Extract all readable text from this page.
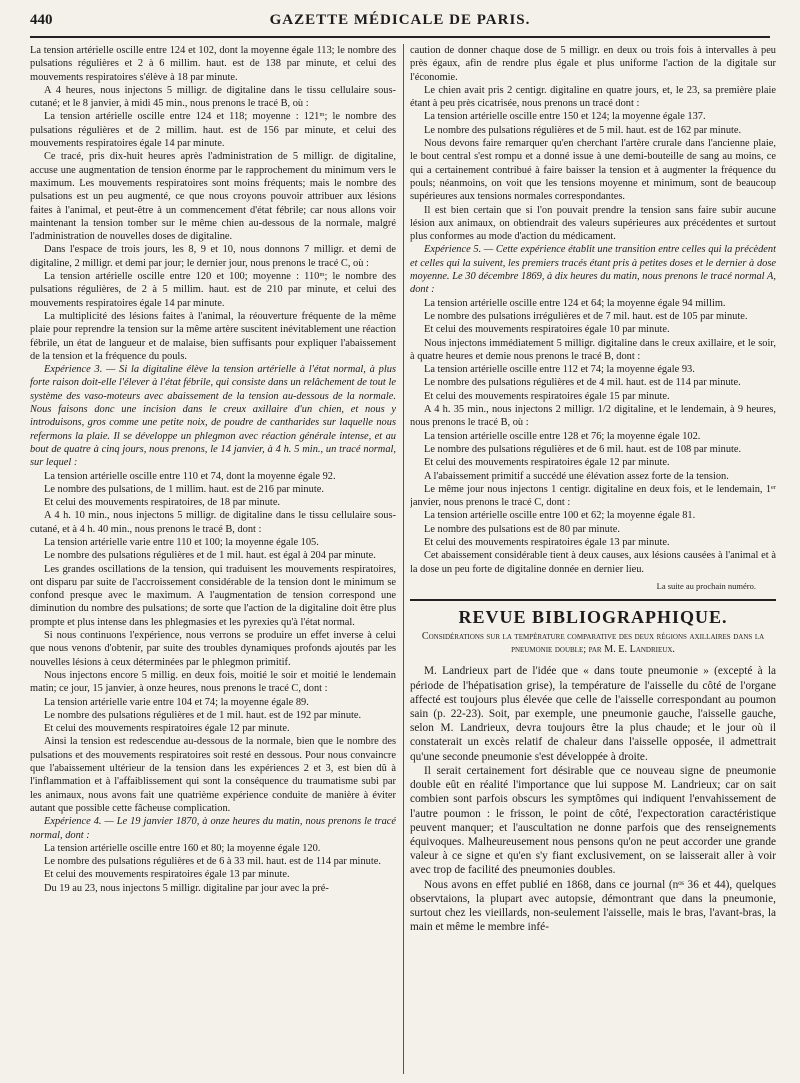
440	GAZETTE MÉDICALE DE PARIS.

La tension artérielle oscille entre 124 et 102, dont la moyenne égale 113; le nombre des pulsations régulières et 2 à 6 millim. haut. est de 138 par minute, et celui des mouvements respiratoires s'élève à 18 par minute.

A 4 heures, nous injectons 5 milligr. de digitaline dans le tissu cellulaire sous-cutané; et le 8 janvier, à midi 45 min., nous prenons le tracé B, où :

La tension artérielle oscille entre 124 et 118; moyenne : 121ᵐ; le nombre des pulsations régulières et de 2 millim. haut. est de 156 par minute, et celui des mouvements respiratoires égale 14 par minute.

Ce tracé, pris dix-huit heures après l'administration de 5 milligr. de digitaline, accuse une augmentation de tension énorme par le rapprochement du minimum vers le maximum. Les mouvements respiratoires sont moins fréquents; mais le nombre des pulsations est un peu augmenté, ce que nous croyons pouvoir attribuer aux lésions faites à l'animal, et peut-être à un commencement d'état fébrile; car nous allons voir maintenant la tension tomber sur le même chien au-dessous de la normale, malgré l'administration de nouvelles doses de digitaline.

Dans l'espace de trois jours, les 8, 9 et 10, nous donnons 7 milligr. et demi de digitaline, 2 milligr. et demi par jour; le dernier jour, nous prenons le tracé C, où :

La tension artérielle oscille entre 120 et 100; moyenne : 110ᵐ; le nombre des pulsations régulières, de 2 à 5 millim. haut. est de 210 par minute, et celui des mouvements respiratoires égale 14 par minute.

La multiplicité des lésions faites à l'animal, la réouverture fréquente de la même plaie pour reprendre la tension sur la même artère suscitent inévitablement une réaction fébrile, un état de langueur et de malaise, bien suffisants pour expliquer l'abaissement de la tension et la fréquence du pouls.

Expérience 3. — Si la digitaline élève la tension artérielle à l'état normal, à plus forte raison doit-elle l'élever à l'état fébrile, qui consiste dans un relâchement de tout le système des vaso-moteurs avec abaissement de la tension au-dessous de la normale. Nous faisons donc une incision dans le creux axillaire d'un chien, et nous y introduisons, gros comme une petite noix, de poudre de cantharides sur laquelle nous refermons la plaie. Il se développe un phlegmon avec réaction générale intense, et au bout de quatre à cinq jours, nous prenons, le 14 janvier, à 4 h. 5 min., un tracé normal, sur lequel :

La tension artérielle oscille entre 110 et 74, dont la moyenne égale 92.

Le nombre des pulsations, de 1 millim. haut. est de 216 par minute.

Et celui des mouvements respiratoires, de 18 par minute.

A 4 h. 10 min., nous injectons 5 milligr. de digitaline dans le tissu cellulaire sous-cutané, et à 4 h. 40 min., nous prenons le tracé B, dont :

La tension artérielle varie entre 110 et 100; la moyenne égale 105.

Le nombre des pulsations régulières et de 1 mil. haut. est égal à 204 par minute.

Les grandes oscillations de la tension, qui traduisent les mouvements respiratoires, ont disparu par suite de l'accroissement considérable de la tension dont le minimum se confond presque avec le maximum. A l'augmentation de tension correspond une diminution du nombre des pulsations; de sorte que l'action de la digitaline doit être plus prompte et plus intense dans les phlegmasies et les pyrexies qu'à l'état normal.

Si nous continuons l'expérience, nous verrons se produire un effet inverse à celui que nous venons d'obtenir, par suite des troubles dynamiques profonds ajoutés par les nouvelles lésions à ceux déterminées par le phlegmon primitif.

Nous injectons encore 5 millig. en deux fois, moitié le soir et moitié le lendemain matin; ce jour, 15 janvier, à onze heures, nous prenons le tracé C, dont :

La tension artérielle varie entre 104 et 74; la moyenne égale 89.

Le nombre des pulsations régulières et de 1 mil. haut. est de 192 par minute.

Et celui des mouvements respiratoires égale 12 par minute.

Ainsi la tension est redescendue au-dessous de la normale, bien que le nombre des pulsations et des mouvements respiratoires soit resté en dessous. Pour nous convaincre que l'abaissement ultérieur de la tension dans les expériences 2 et 3, est bien dû à l'inflammation et à l'affaiblissement qui sont la conséquence du traumatisme subi par les animaux, nous avons fait une quatrième expérience conduite de manière à éviter autant que possible cette fâcheuse complication.

Expérience 4. — Le 19 janvier 1870, à onze heures du matin, nous prenons le tracé normal, dont :

La tension artérielle oscille entre 160 et 80; la moyenne égale 120.

Le nombre des pulsations régulières et de 6 à 33 mil. haut. est de 114 par minute.

Et celui des mouvements respiratoires égale 13 par minute.

Du 19 au 23, nous injectons 5 milligr. digitaline par jour avec la pré-

caution de donner chaque dose de 5 milligr. en deux ou trois fois à intervalles à peu près égaux, afin de rendre plus égale et plus uniforme l'action de la digitale sur l'économie.

Le chien avait pris 2 centigr. digitaline en quatre jours, et, le 23, sa première plaie étant à peu près cicatrisée, nous prenons un tracé dont :

La tension artérielle oscille entre 150 et 124; la moyenne égale 137.

Le nombre des pulsations régulières et de 5 mil. haut. est de 162 par minute.

Nous devons faire remarquer qu'en cherchant l'artère crurale dans l'ancienne plaie, le bout central s'est rompu et a donné issue à une demi-bouteille de sang au moins, ce qui a certainement contribué à faire baisser la tension et à augmenter la fréquence du pouls; néanmoins, on voit que les tensions moyenne et minimum, sont de beaucoup supérieures aux tensions normales correspondantes.

Il est bien certain que si l'on pouvait prendre la tension sans faire subir aucune lésion aux animaux, on obtiendrait des valeurs supérieures aux précédentes et surtout plus conformes au mode d'action du médicament.

Expérience 5. — Cette expérience établit une transition entre celles qui la précèdent et celles qui la suivent, les premiers tracés étant pris à petites doses et le dernier à dose moyenne. Le 30 décembre 1869, à dix heures du matin, nous prenons le tracé normal A, dont :

La tension artérielle oscille entre 124 et 64; la moyenne égale 94 millim.

Le nombre des pulsations irrégulières et de 7 mil. haut. est de 105 par minute.

Et celui des mouvements respiratoires égale 10 par minute.

Nous injectons immédiatement 5 milligr. digitaline dans le creux axillaire, et le soir, à quatre heures et demie nous prenons le tracé B, dont :

La tension artérielle oscille entre 112 et 74; la moyenne égale 93.

Le nombre des pulsations régulières et de 4 mil. haut. est de 114 par minute.

Et celui des mouvements respiratoires égale 15 par minute.

A 4 h. 35 min., nous injectons 2 milligr. 1/2 digitaline, et le lendemain, à 9 heures, nous prenons le tracé B, où :

La tension artérielle oscille entre 128 et 76; la moyenne égale 102.

Le nombre des pulsations régulières et de 6 mil. haut. est de 108 par minute.

Et celui des mouvements respiratoires égale 12 par minute.

A l'abaissement primitif a succédé une élévation assez forte de la tension.

Le même jour nous injectons 1 centigr. digitaline en deux fois, et le lendemain, 1ᵉʳ janvier, nous prenons le tracé C, dont :

La tension artérielle oscille entre 100 et 62; la moyenne égale 81.

Le nombre des pulsations est de 80 par minute.

Et celui des mouvements respiratoires égale 13 par minute.

Cet abaissement considérable tient à deux causes, aux lésions causées à l'animal et à la dose un peu forte de digitaline donnée en dernier lieu.

La suite au prochain numéro.
REVUE BIBLIOGRAPHIQUE.
Considérations sur la température comparative des deux régions axillaires dans la pneumonie double; par M. E. Landrieux.

M. Landrieux part de l'idée que « dans toute pneumonie » (excepté à la période de l'hépatisation grise), la température de l'aisselle du côté de l'organe affecté est toujours plus élevée que celle de l'aisselle correspondant au poumon sain (p. 22-23). Soit, par exemple, une pneumonie gauche, l'aisselle gauche, selon M. Landrieux, devra toujours être la plus chaude; et le jour où il constaterait un excès relatif de chaleur dans l'aisselle opposée, il admettrait qu'une seconde pneumonie s'est développée à droite.

Il serait certainement fort désirable que ce nouveau signe de pneumonie double eût en réalité l'importance que lui suppose M. Landrieux; car on sait combien sont parfois obscurs les symptômes qui indiquent l'envahissement de l'autre poumon : le frisson, le point de côté, l'expectoration caractéristique peuvent manquer; et l'auscultation ne donne parfois que des renseignements équivoques. Malheureusement nous pensons qu'on ne peut accorder une grande valeur à ce signe et qu'en s'y fiant exclusivement, on se laisserait aller à voir avec trop de facilité des pneumonies doubles.

Nous avons en effet publié en 1868, dans ce journal (nᵒˢ 36 et 44), quelques observtaions, la plupart avec autopsie, démontrant que dans la pneumonie, surtout chez les vieillards, non-seulement l'aisselle, mais le bras, l'avant-bras, la main et même le membre infé-
